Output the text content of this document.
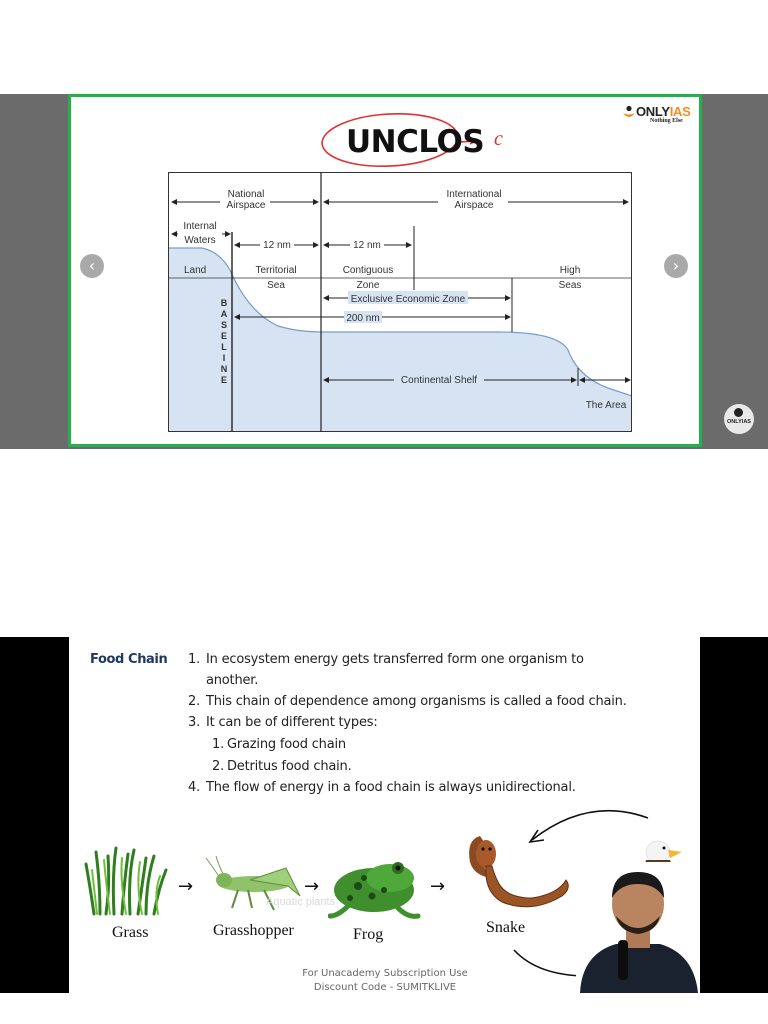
‹	›
ONLYIAS
Nothing Else
ONLYIAS
UNCLOS c
National
Airspace
International
Airspace
Internal
Waters	12 nm	12 nm
Land	Territorial
Sea
Contiguous
Zone
High
Seas
Exclusive Economic Zone
200 nm
B
A
S
E
L
I
N
E	Continental Shelf
The Area
Food Chain 1. In ecosystem energy gets transferred form one organism to
another.
2. This chain of dependence among organisms is called a food chain.
3. It can be of different types:
1. Grazing food chain
2. Detritus food chain.
4. The flow of energy in a food chain is always unidirectional.
Grass
→
Grasshopper
→
Frog
→
Snake
Aquatic plants
For Unacademy Subscription Use
Discount Code - SUMITKLIVE
